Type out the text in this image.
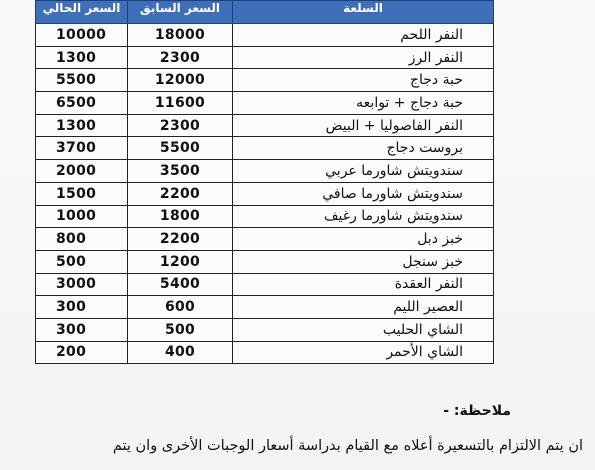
السعر الحالي	السعر السابق	السلعة
10000	18000	النفر اللحم
1300	2300	النفر الرز
5500	12000	حبة دجاج
6500	11600	حبة دجاج + توابعه
1300	2300	النفر الفاصوليا + البيض
3700	5500	بروست دجاج
2000	3500	سندويتش شاورما عربي
1500	2200	سندويتش شاورما صافي
1000	1800	سندويتش شاورما رغيف
800	2200	خبز دبل
500	1200	خبز سنجل
3000	5400	النفر العقدة
300	600	العصير الليم
300	500	الشاي الحليب
200	400	الشاي الأحمر
ملاحظة: -
ان يتم الالتزام بالتسعيرة أعلاه مع القيام بدراسة أسعار الوجبات الأخرى وان يتم
